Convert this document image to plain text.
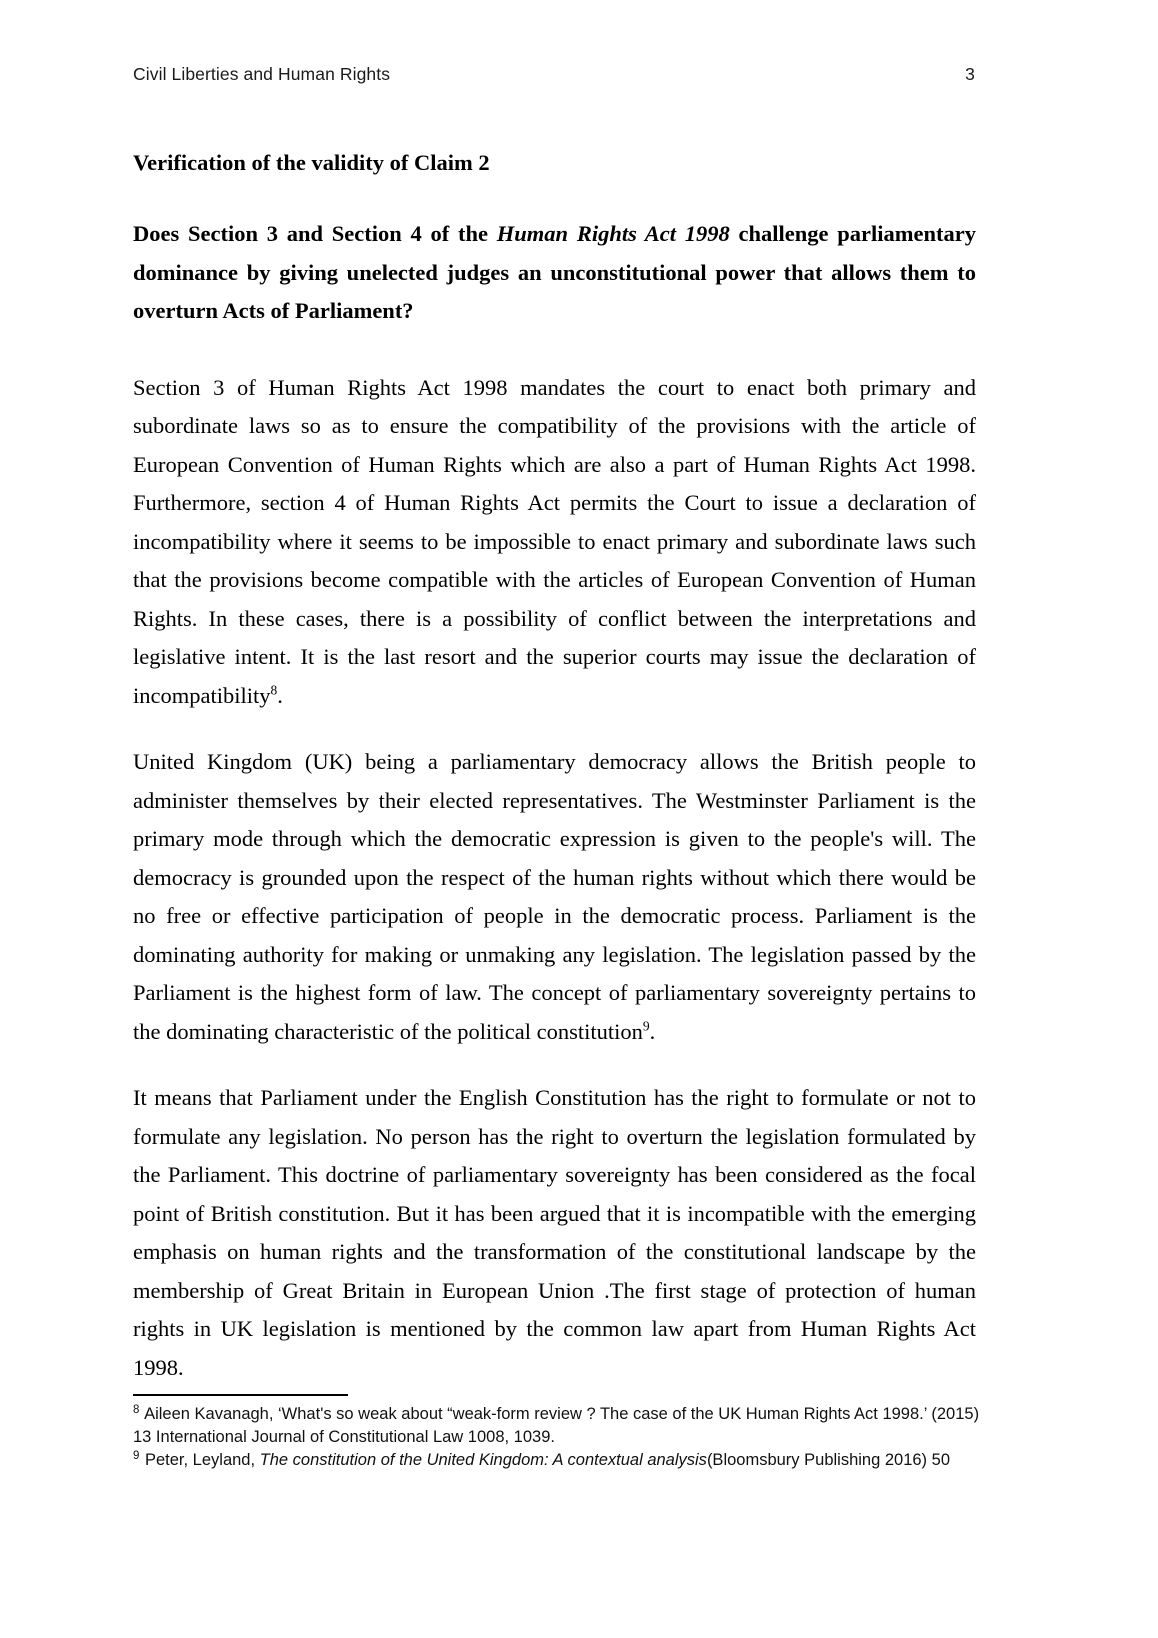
Civil Liberties and Human Rights	3
Verification of the validity of Claim 2

Does Section 3 and Section 4 of the Human Rights Act 1998 challenge parliamentary dominance by giving unelected judges an unconstitutional power that allows them to overturn Acts of Parliament?

Section 3 of Human Rights Act 1998 mandates the court to enact both primary and subordinate laws so as to ensure the compatibility of the provisions with the article of European Convention of Human Rights which are also a part of Human Rights Act 1998. Furthermore, section 4 of Human Rights Act permits the Court to issue a declaration of incompatibility where it seems to be impossible to enact primary and subordinate laws such that the provisions become compatible with the articles of European Convention of Human Rights. In these cases, there is a possibility of conflict between the interpretations and legislative intent. It is the last resort and the superior courts may issue the declaration of incompatibility$^8$.

United Kingdom (UK) being a parliamentary democracy allows the British people to administer themselves by their elected representatives. The Westminster Parliament is the primary mode through which the democratic expression is given to the people's will. The democracy is grounded upon the respect of the human rights without which there would be no free or effective participation of people in the democratic process. Parliament is the dominating authority for making or unmaking any legislation. The legislation passed by the Parliament is the highest form of law. The concept of parliamentary sovereignty pertains to the dominating characteristic of the political constitution$^9$.

It means that Parliament under the English Constitution has the right to formulate or not to formulate any legislation. No person has the right to overturn the legislation formulated by the Parliament. This doctrine of parliamentary sovereignty has been considered as the focal point of British constitution. But it has been argued that it is incompatible with the emerging emphasis on human rights and the transformation of the constitutional landscape by the membership of Great Britain in European Union .The first stage of protection of human rights in UK legislation is mentioned by the common law apart from Human Rights Act 1998.

$^8$ Aileen Kavanagh, ‘What's so weak about “weak-form review ? The case of the UK Human Rights Act 1998.’ (2015) 13 International Journal of Constitutional Law 1008, 1039.

$^9$ Peter, Leyland, The constitution of the United Kingdom: A contextual analysis(Bloomsbury Publishing 2016) 50
